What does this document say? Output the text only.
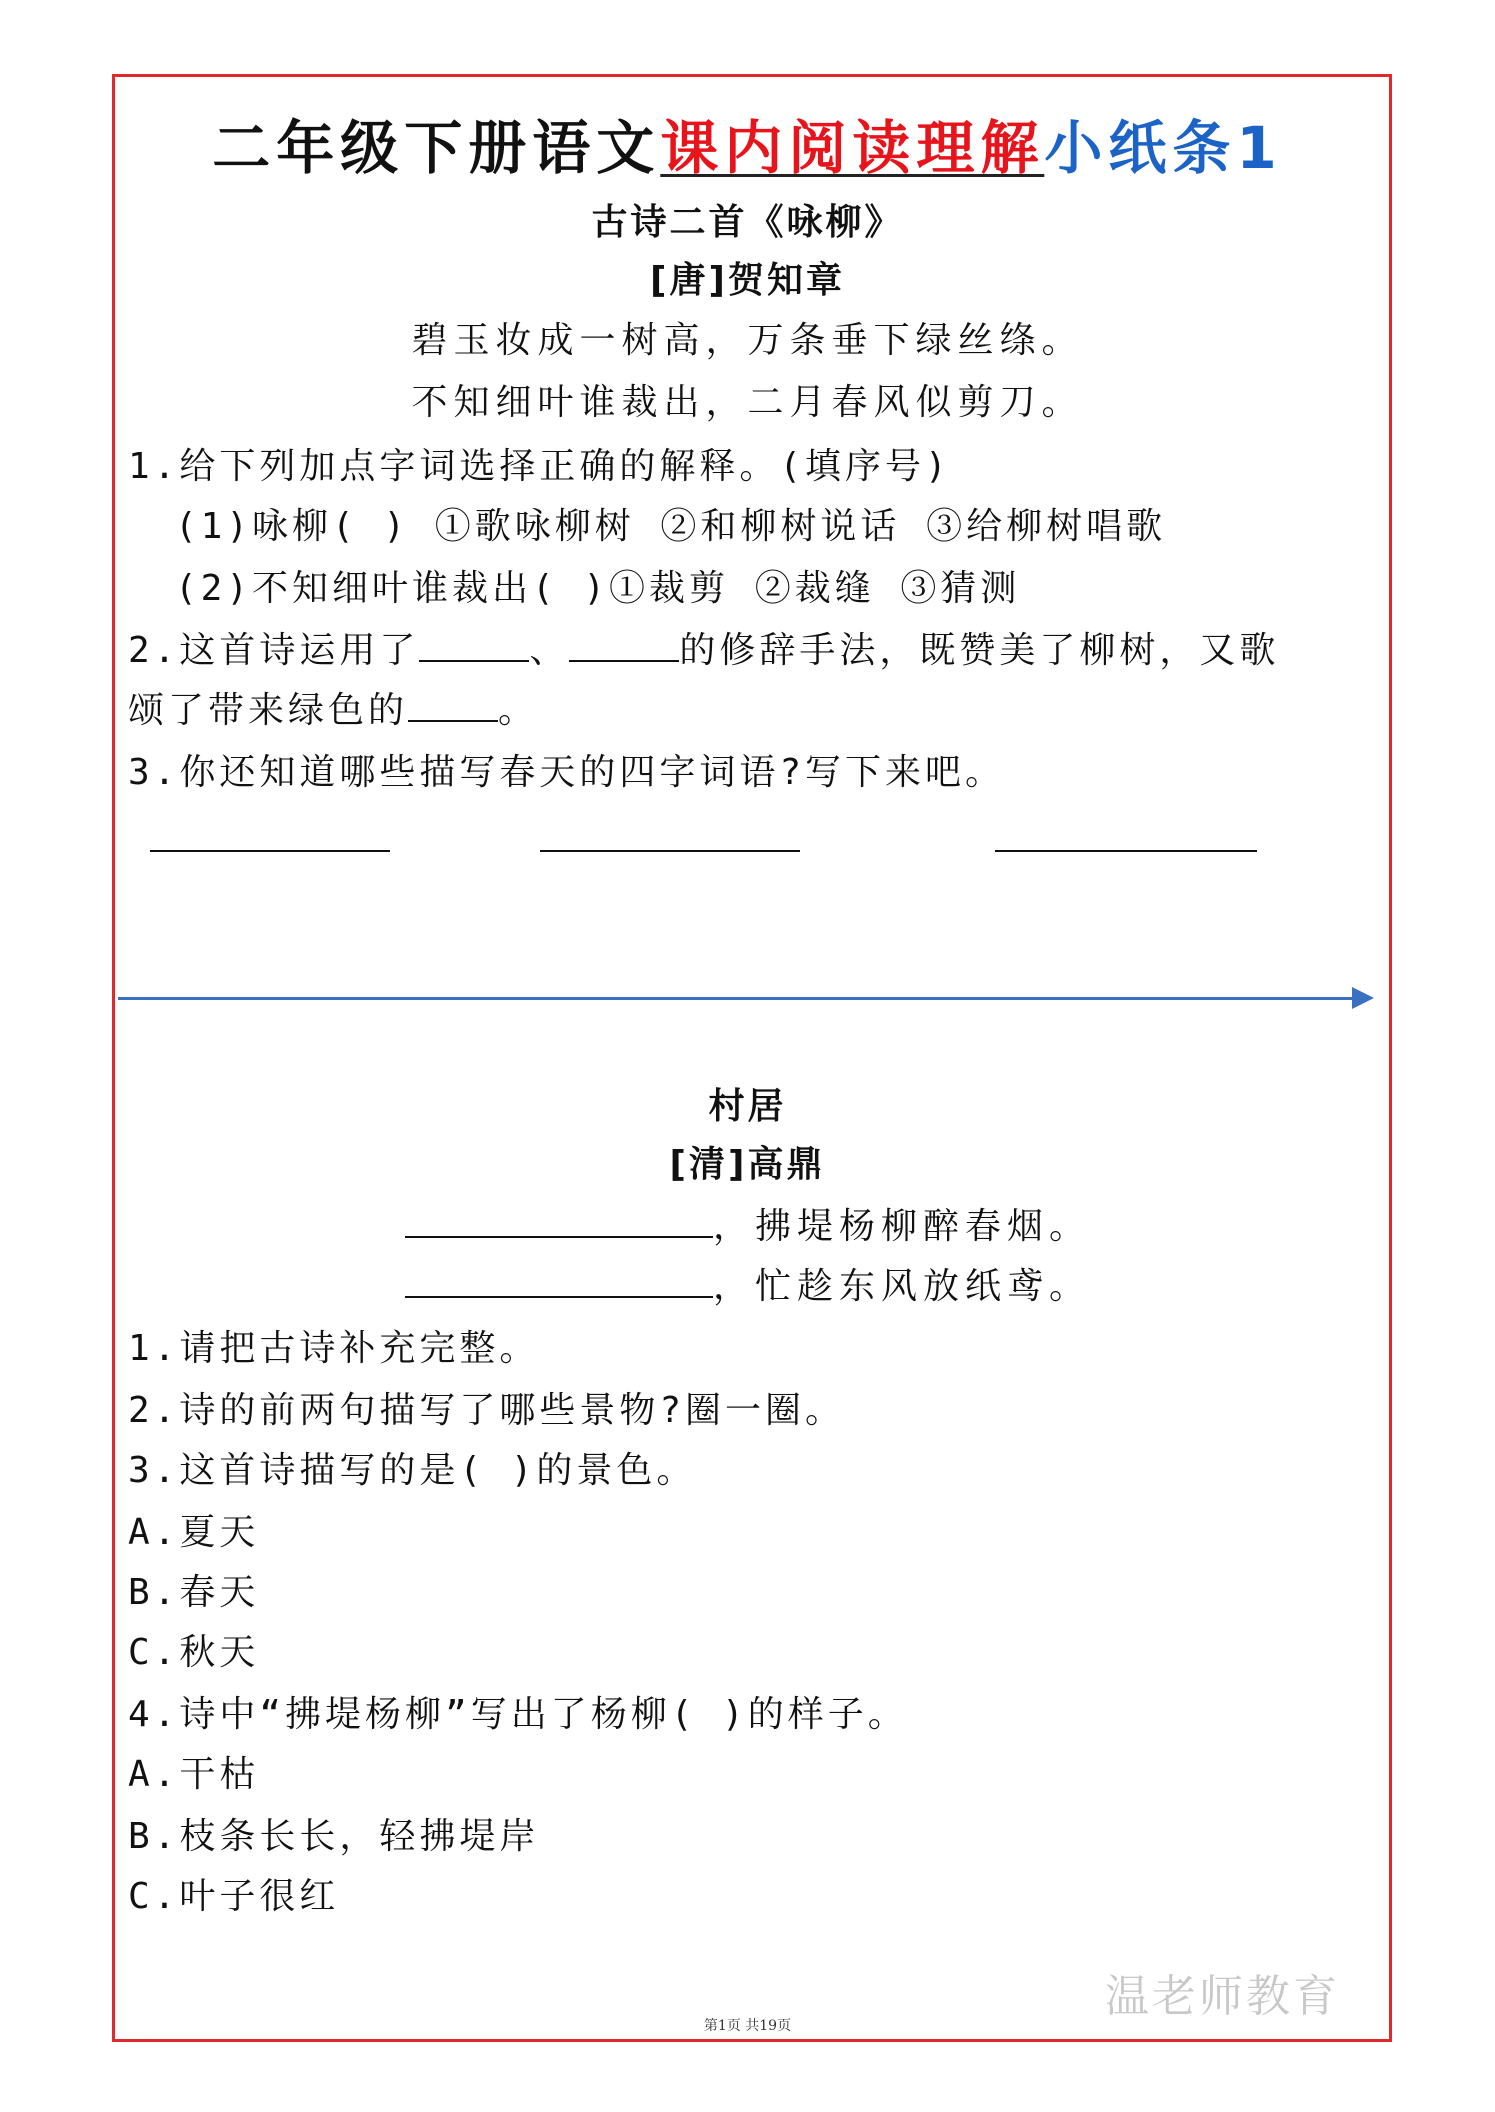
二年级下册语文课内阅读理解小纸条1
古诗二首《咏柳》
[唐]贺知章
碧玉妆成一树高，万条垂下绿丝绦。
不知细叶谁裁出，二月春风似剪刀。
1.给下列加点字词选择正确的解释。(填序号)
(1)咏柳( ) ①歌咏柳树 ②和柳树说话 ③给柳树唱歌
(2)不知细叶谁裁出( )①裁剪 ②裁缝 ③猜测
2.这首诗运用了	、	的修辞手法，既赞美了柳树，又歌
颂了带来绿色的	。
3.你还知道哪些描写春天的四字词语?写下来吧。
村居
[清]高鼎
，拂堤杨柳醉春烟。
，忙趁东风放纸鸢。
1.请把古诗补充完整。
2.诗的前两句描写了哪些景物?圈一圈。
3.这首诗描写的是( )的景色。
A.夏天
B.春天
C.秋天
4.诗中“拂堤杨柳”写出了杨柳( )的样子。
A.干枯
B.枝条长长，轻拂堤岸
C.叶子很红
温老师教育
第1页 共19页
